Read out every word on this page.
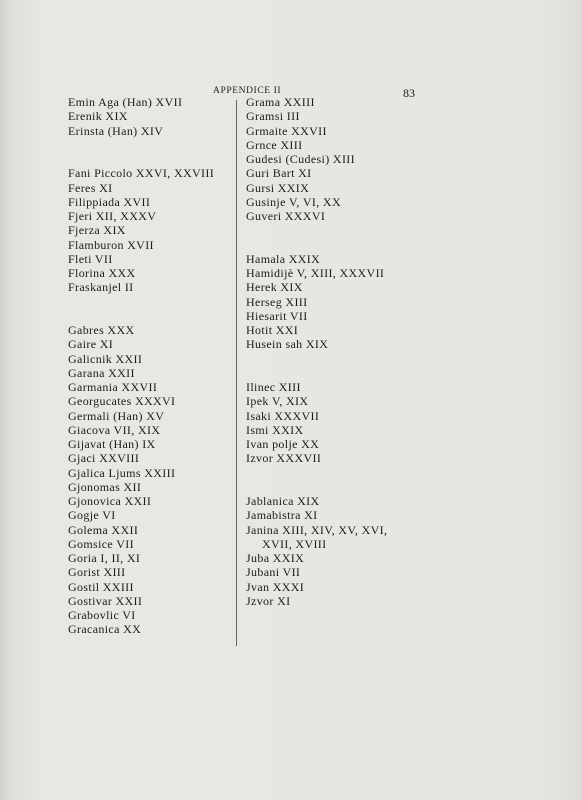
APPENDICE II	83
Emin Aga (Han) XVII
Erenik XIX
Erinsta (Han) XIV
Fani Piccolo XXVI, XXVIII
Feres XI
Filippiada XVII
Fjeri XII, XXXV
Fjerza XIX
Flamburon XVII
Fleti VII
Florina XXX
Fraskanjel II
Gabres XXX
Gaire XI
Galicnik XXII
Garana XXII
Garmania XXVII
Georgucates XXXVI
Germali (Han) XV
Giacova VII, XIX
Gijavat (Han) IX
Gjaci XXVIII
Gjalica Ljums XXIII
Gjonomas XII
Gjonovica XXII
Gogje VI
Golema XXII
Gomsice VII
Goria I, II, XI
Gorist XIII
Gostil XXIII
Gostivar XXII
Grabovlic VI
Gracanica XX
Grama XXIII
Gramsi III
Grmaite XXVII
Grnce XIII
Gudesi (Cudesi) XIII
Guri Bart XI
Gursi XXIX
Gusinje V, VI, XX
Guveri XXXVI
Hamala XXIX
Hamidijè V, XIII, XXXVII
Herek XIX
Herseg XIII
Hiesarit VII
Hotit XXI
Husein sah XIX
Ilinec XIII
Ipek V, XIX
Isaki XXXVII
Ismi XXIX
Ivan polje XX
Izvor XXXVII
Jablanica XIX
Jamabistra XI
Janina XIII, XIV, XV, XVI,
XVII, XVIII
Juba XXIX
Jubani VII
Jvan XXXI
Jzvor XI
